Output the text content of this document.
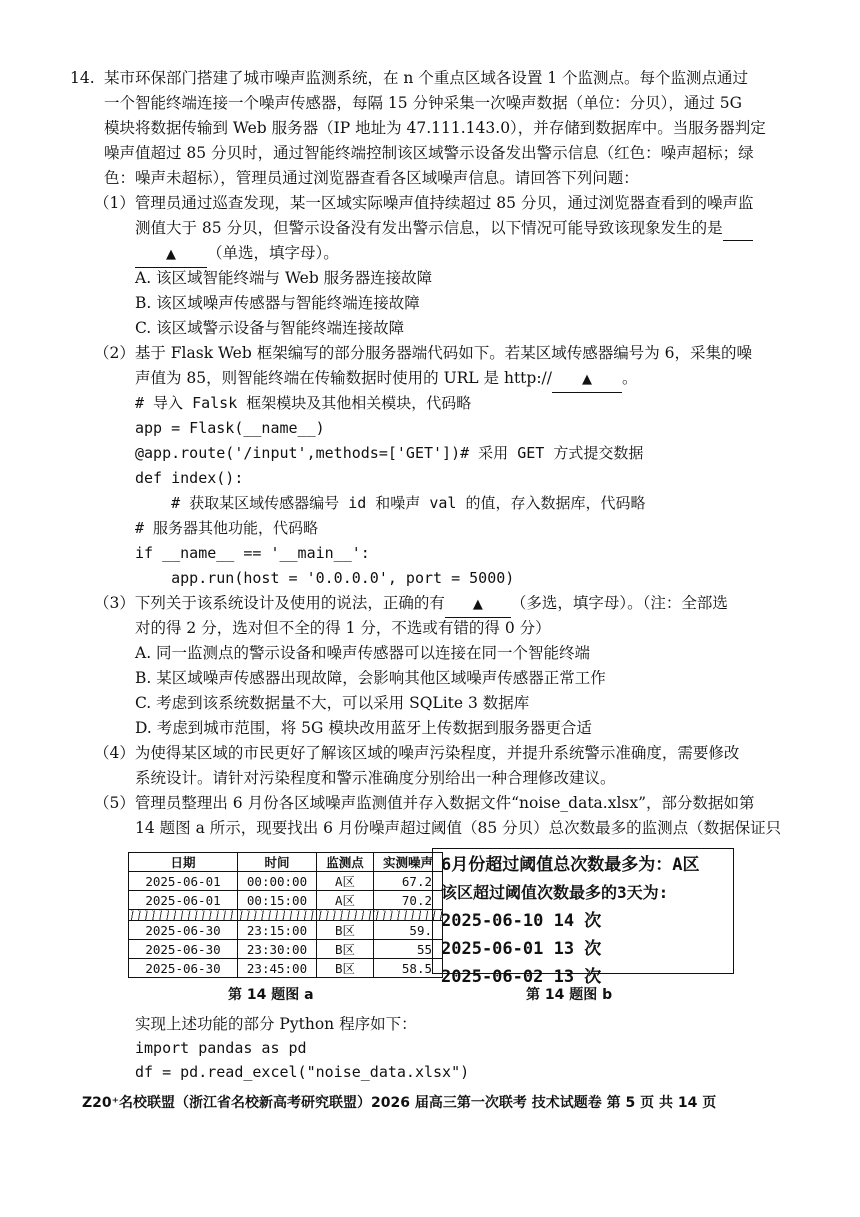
14. 某市环保部门搭建了城市噪声监测系统，在 n 个重点区域各设置 1 个监测点。每个监测点通过
一个智能终端连接一个噪声传感器，每隔 15 分钟采集一次噪声数据（单位：分贝），通过 5G
模块将数据传输到 Web 服务器（IP 地址为 47.111.143.0），并存储到数据库中。当服务器判定
噪声值超过 85 分贝时，通过智能终端控制该区域警示设备发出警示信息（红色：噪声超标；绿
色：噪声未超标），管理员通过浏览器查看各区域噪声信息。请回答下列问题：
（1）管理员通过巡查发现，某一区域实际噪声值持续超过 85 分贝，通过浏览器查看到的噪声监
测值大于 85 分贝，但警示设备没有发出警示信息，以下情况可能导致该现象发生的是
▲ （单选，填字母）。
A. 该区域智能终端与 Web 服务器连接故障
B. 该区域噪声传感器与智能终端连接故障
C. 该区域警示设备与智能终端连接故障
（2）基于 Flask Web 框架编写的部分服务器端代码如下。若某区域传感器编号为 6，采集的噪
声值为 85，则智能终端在传输数据时使用的 URL 是 http:// ▲ 。
# 导入 Falsk 框架模块及其他相关模块，代码略
app = Flask(__name__)
@app.route('/input',methods=['GET'])# 采用 GET 方式提交数据
def index():
# 获取某区域传感器编号 id 和噪声 val 的值，存入数据库，代码略
# 服务器其他功能，代码略
if __name__ == '__main__':
app.run(host = '0.0.0.0', port = 5000)
（3）下列关于该系统设计及使用的说法，正确的有 ▲ （多选，填字母）。（注：全部选
对的得 2 分，选对但不全的得 1 分，不选或有错的得 0 分）
A. 同一监测点的警示设备和噪声传感器可以连接在同一个智能终端
B. 某区域噪声传感器出现故障，会影响其他区域噪声传感器正常工作
C. 考虑到该系统数据量不大，可以采用 SQLite 3 数据库
D. 考虑到城市范围，将 5G 模块改用蓝牙上传数据到服务器更合适
（4）为使得某区域的市民更好了解该区域的噪声污染程度，并提升系统警示准确度，需要修改
系统设计。请针对污染程度和警示准确度分别给出一种合理修改建议。
（5）管理员整理出 6 月份各区域噪声监测值并存入数据文件“noise_data.xlsx”，部分数据如第
14 题图 a 所示，现要找出 6 月份噪声超过阈值（85 分贝）总次数最多的监测点（数据保证只
日期	时间	监测点	实测噪声
2025-06-01	00:00:00	A区	67.2
2025-06-01	00:15:00	A区	70.2

2025-06-30	23:15:00	B区	59.
2025-06-30	23:30:00	B区	55
2025-06-30	23:45:00	B区	58.5
第 14 题图 a
6月份超过阈值总次数最多为：A区
该区超过阈值次数最多的3天为:
2025-06-10 14 次
2025-06-01 13 次
2025-06-02 13 次
第 14 题图 b
实现上述功能的部分 Python 程序如下：
import pandas as pd
df = pd.read_excel("noise_data.xlsx")
Z20⁺名校联盟（浙江省名校新高考研究联盟）2026 届高三第一次联考 技术试题卷 第 5 页 共 14 页
